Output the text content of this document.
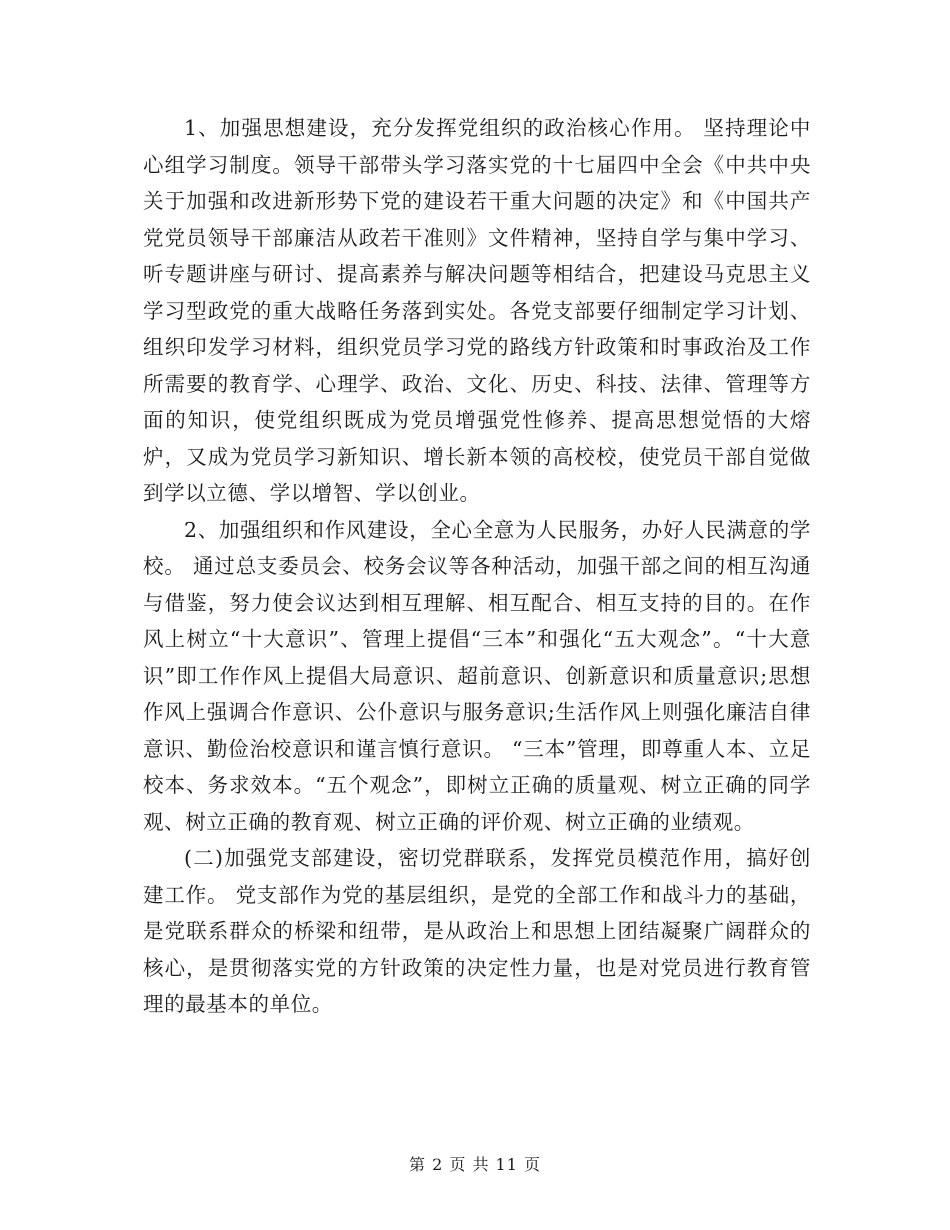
1、加强思想建设，充分发挥党组织的政治核心作用。 坚持理论中心组学习制度。领导干部带头学习落实党的十七届四中全会《中共中央关于加强和改进新形势下党的建设若干重大问题的决定》和《中国共产党党员领导干部廉洁从政若干准则》文件精神，坚持自学与集中学习、听专题讲座与研讨、提高素养与解决问题等相结合，把建设马克思主义学习型政党的重大战略任务落到实处。各党支部要仔细制定学习计划、组织印发学习材料，组织党员学习党的路线方针政策和时事政治及工作所需要的教育学、心理学、政治、文化、历史、科技、法律、管理等方面的知识，使党组织既成为党员增强党性修养、提高思想觉悟的大熔炉，又成为党员学习新知识、增长新本领的高校校，使党员干部自觉做到学以立德、学以增智、学以创业。

2、加强组织和作风建设，全心全意为人民服务，办好人民满意的学校。 通过总支委员会、校务会议等各种活动，加强干部之间的相互沟通与借鉴，努力使会议达到相互理解、相互配合、相互支持的目的。在作风上树立“十大意识”、管理上提倡“三本”和强化“五大观念”。“十大意识”即工作作风上提倡大局意识、超前意识、创新意识和质量意识;思想作风上强调合作意识、公仆意识与服务意识;生活作风上则强化廉洁自律意识、勤俭治校意识和谨言慎行意识。 “三本”管理，即尊重人本、立足校本、务求效本。“五个观念”，即树立正确的质量观、树立正确的同学观、树立正确的教育观、树立正确的评价观、树立正确的业绩观。

(二)加强党支部建设，密切党群联系，发挥党员模范作用，搞好创建工作。 党支部作为党的基层组织，是党的全部工作和战斗力的基础，是党联系群众的桥梁和纽带，是从政治上和思想上团结凝聚广阔群众的核心，是贯彻落实党的方针政策的决定性力量，也是对党员进行教育管理的最基本的单位。

第 2 页 共 11 页
